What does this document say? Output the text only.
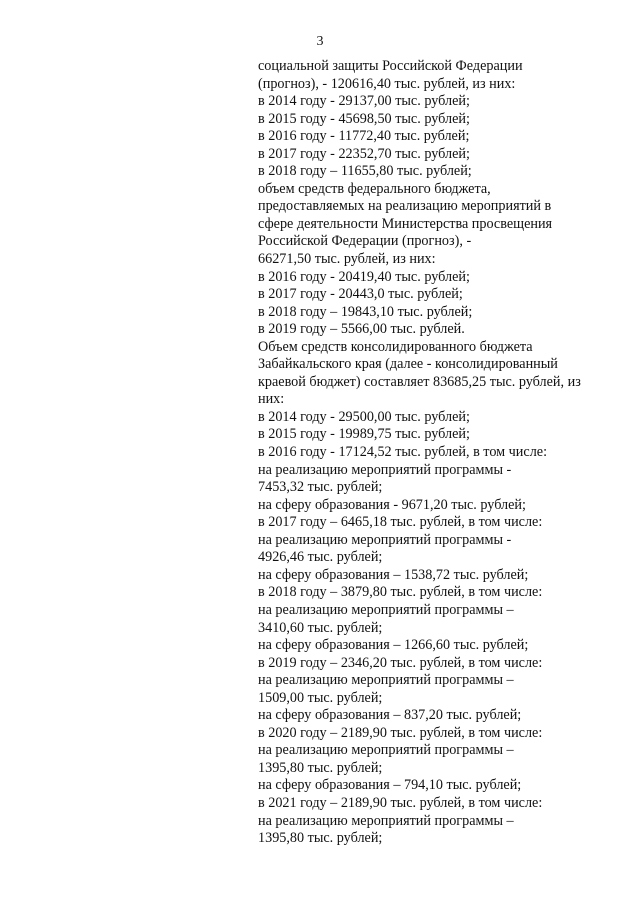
3
социальной защиты Российской Федерации
(прогноз), - 120616,40 тыс. рублей, из них:
в 2014 году - 29137,00 тыс. рублей;
в 2015 году - 45698,50 тыс. рублей;
в 2016 году - 11772,40 тыс. рублей;
в 2017 году - 22352,70 тыс. рублей;
в 2018 году – 11655,80 тыс. рублей;
объем средств федерального бюджета,
предоставляемых на реализацию мероприятий в
сфере деятельности Министерства просвещения
Российской Федерации (прогноз), -
66271,50 тыс. рублей, из них:
в 2016 году - 20419,40 тыс. рублей;
в 2017 году - 20443,0 тыс. рублей;
в 2018 году – 19843,10 тыс. рублей;
в 2019 году – 5566,00 тыс. рублей.
Объем средств консолидированного бюджета
Забайкальского края (далее - консолидированный
краевой бюджет) составляет 83685,25 тыс. рублей, из
них:
в 2014 году - 29500,00 тыс. рублей;
в 2015 году - 19989,75 тыс. рублей;
в 2016 году - 17124,52 тыс. рублей, в том числе:
на реализацию мероприятий программы -
7453,32 тыс. рублей;
на сферу образования - 9671,20 тыс. рублей;
в 2017 году – 6465,18 тыс. рублей, в том числе:
на реализацию мероприятий программы -
4926,46 тыс. рублей;
на сферу образования – 1538,72 тыс. рублей;
в 2018 году – 3879,80 тыс. рублей, в том числе:
на реализацию мероприятий программы –
3410,60 тыс. рублей;
на сферу образования – 1266,60 тыс. рублей;
в 2019 году – 2346,20 тыс. рублей, в том числе:
на реализацию мероприятий программы –
1509,00 тыс. рублей;
на сферу образования – 837,20 тыс. рублей;
в 2020 году – 2189,90 тыс. рублей, в том числе:
на реализацию мероприятий программы –
1395,80 тыс. рублей;
на сферу образования – 794,10 тыс. рублей;
в 2021 году – 2189,90 тыс. рублей, в том числе:
на реализацию мероприятий программы –
1395,80 тыс. рублей;
